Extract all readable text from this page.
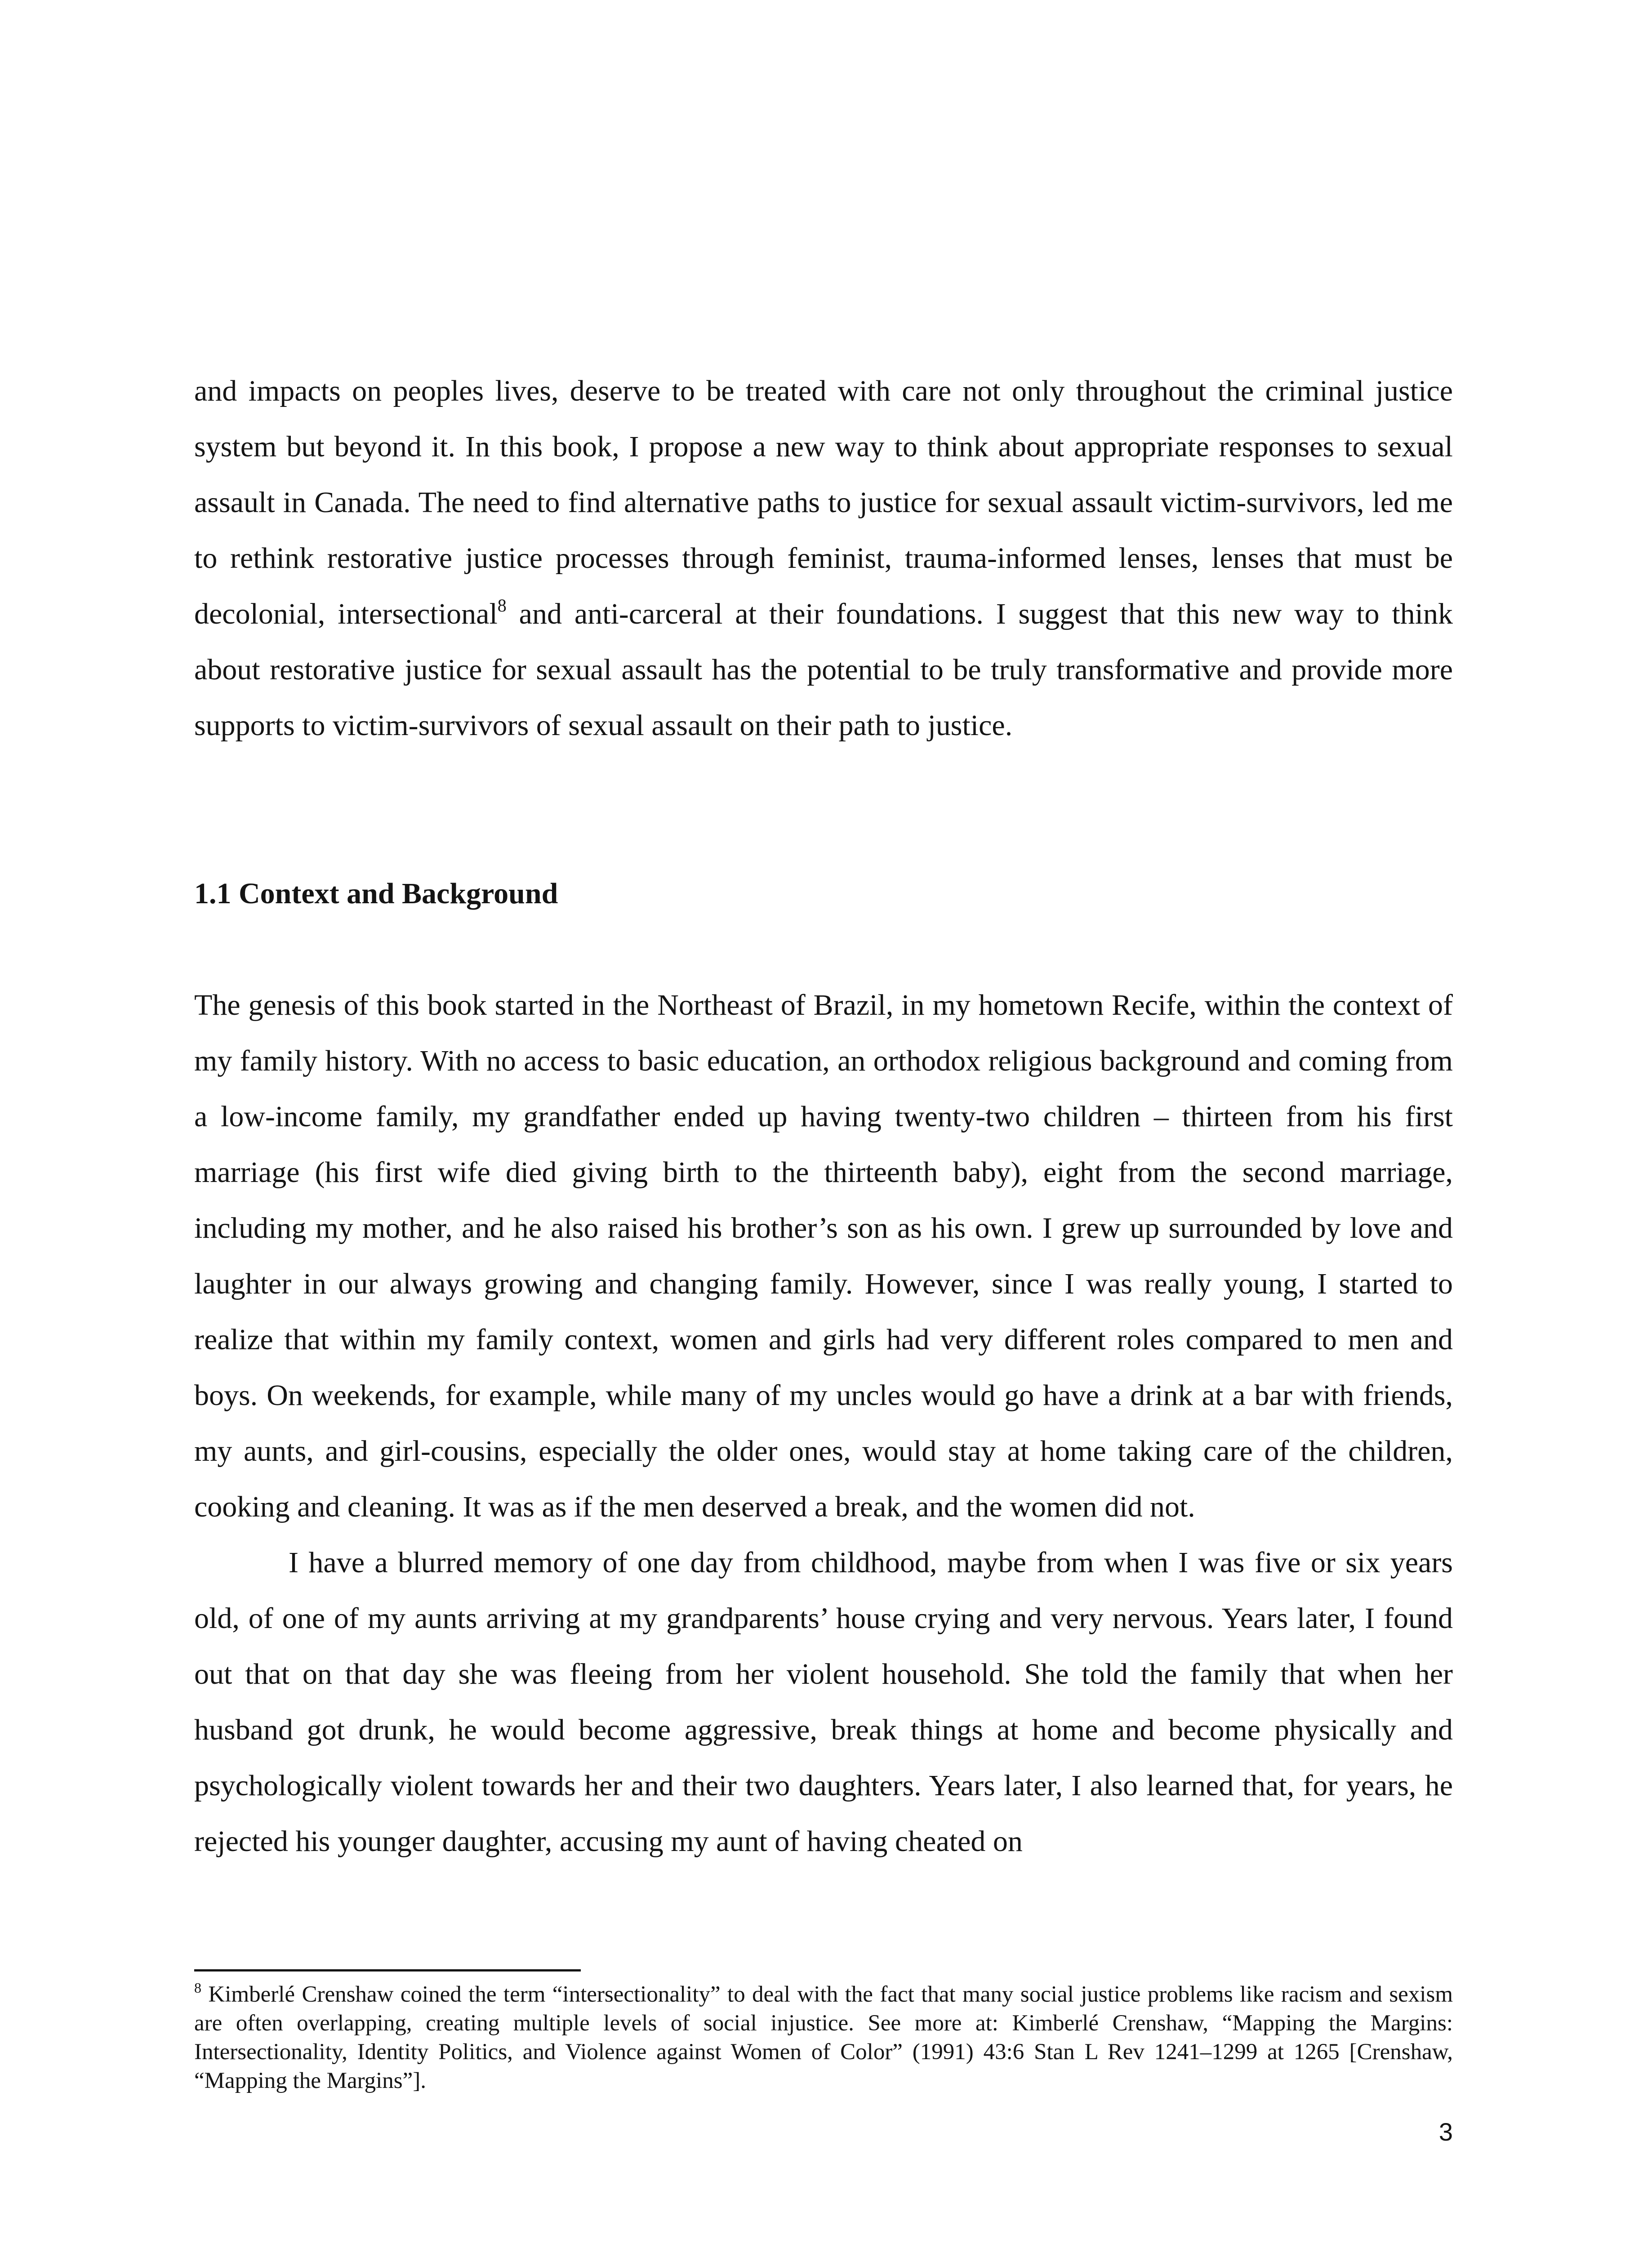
and impacts on peoples lives, deserve to be treated with care not only throughout the criminal justice system but beyond it. In this book, I propose a new way to think about appropriate responses to sexual assault in Canada. The need to find alternative paths to justice for sexual assault victim-survivors, led me to rethink restorative justice processes through feminist, trauma-informed lenses, lenses that must be decolonial, intersectional$^8$ and anti-carceral at their foundations. I suggest that this new way to think about restorative justice for sexual assault has the potential to be truly transformative and provide more supports to victim-survivors of sexual assault on their path to justice.

1.1 Context and Background

The genesis of this book started in the Northeast of Brazil, in my hometown Recife, within the context of my family history. With no access to basic education, an orthodox religious background and coming from a low-income family, my grandfather ended up having twenty-two children – thirteen from his first marriage (his first wife died giving birth to the thirteenth baby), eight from the second marriage, including my mother, and he also raised his brother’s son as his own. I grew up surrounded by love and laughter in our always growing and changing family. However, since I was really young, I started to realize that within my family context, women and girls had very different roles compared to men and boys. On weekends, for example, while many of my uncles would go have a drink at a bar with friends, my aunts, and girl-cousins, especially the older ones, would stay at home taking care of the children, cooking and cleaning. It was as if the men deserved a break, and the women did not.

I have a blurred memory of one day from childhood, maybe from when I was five or six years old, of one of my aunts arriving at my grandparents’ house crying and very nervous. Years later, I found out that on that day she was fleeing from her violent household. She told the family that when her husband got drunk, he would become aggressive, break things at home and become physically and psychologically violent towards her and their two daughters. Years later, I also learned that, for years, he rejected his younger daughter, accusing my aunt of having cheated on

$^8$ Kimberlé Crenshaw coined the term “intersectionality” to deal with the fact that many social justice problems like racism and sexism are often overlapping, creating multiple levels of social injustice. See more at: Kimberlé Crenshaw, “Mapping the Margins: Intersectionality, Identity Politics, and Violence against Women of Color” (1991) 43:6 Stan L Rev 1241–1299 at 1265 [Crenshaw, “Mapping the Margins”].

3
